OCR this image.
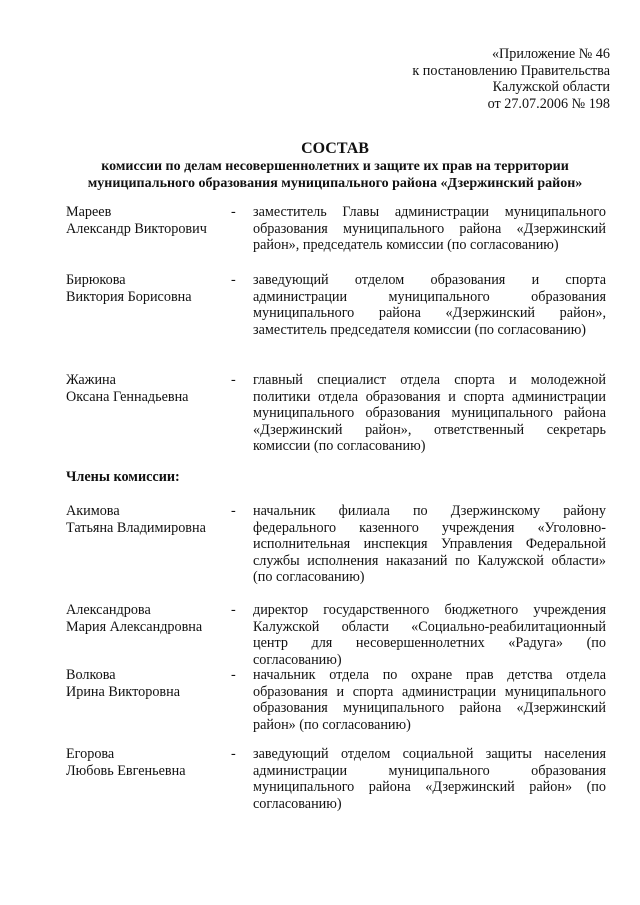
«Приложение № 46
к постановлению Правительства
Калужской области
от 27.07.2006 № 198
СОСТАВ
комиссии по делам несовершеннолетних и защите их прав на территории муниципального образования муниципального района «Дзержинский район»
Мареев
Александр Викторович
- заместитель Главы администрации муниципального образования муниципального района «Дзержинский район», председатель комиссии (по согласованию)
Бирюкова
Виктория Борисовна
- заведующий отделом образования и спорта администрации муниципального образования муниципального района «Дзержинский район», заместитель председателя комиссии (по согласованию)
Жажина
Оксана Геннадьевна
- главный специалист отдела спорта и молодежной политики отдела образования и спорта администрации муниципального образования муниципального района «Дзержинский район», ответственный секретарь комиссии (по согласованию)
Члены комиссии:
Акимова
Татьяна Владимировна
- начальник филиала по Дзержинскому району федерального казенного учреждения «Уголовно-исполнительная инспекция Управления Федеральной службы исполнения наказаний по Калужской области» (по согласованию)
Александрова
Мария Александровна
- директор государственного бюджетного учреждения Калужской области «Социально-реабилитационный центр для несовершеннолетних «Радуга» (по согласованию)
Волкова
Ирина Викторовна
- начальник отдела по охране прав детства отдела образования и спорта администрации муниципального образования муниципального района «Дзержинский район» (по согласованию)
Егорова
Любовь Евгеньевна
- заведующий отделом социальной защиты населения администрации муниципального образования муниципального района «Дзержинский район» (по согласованию)
